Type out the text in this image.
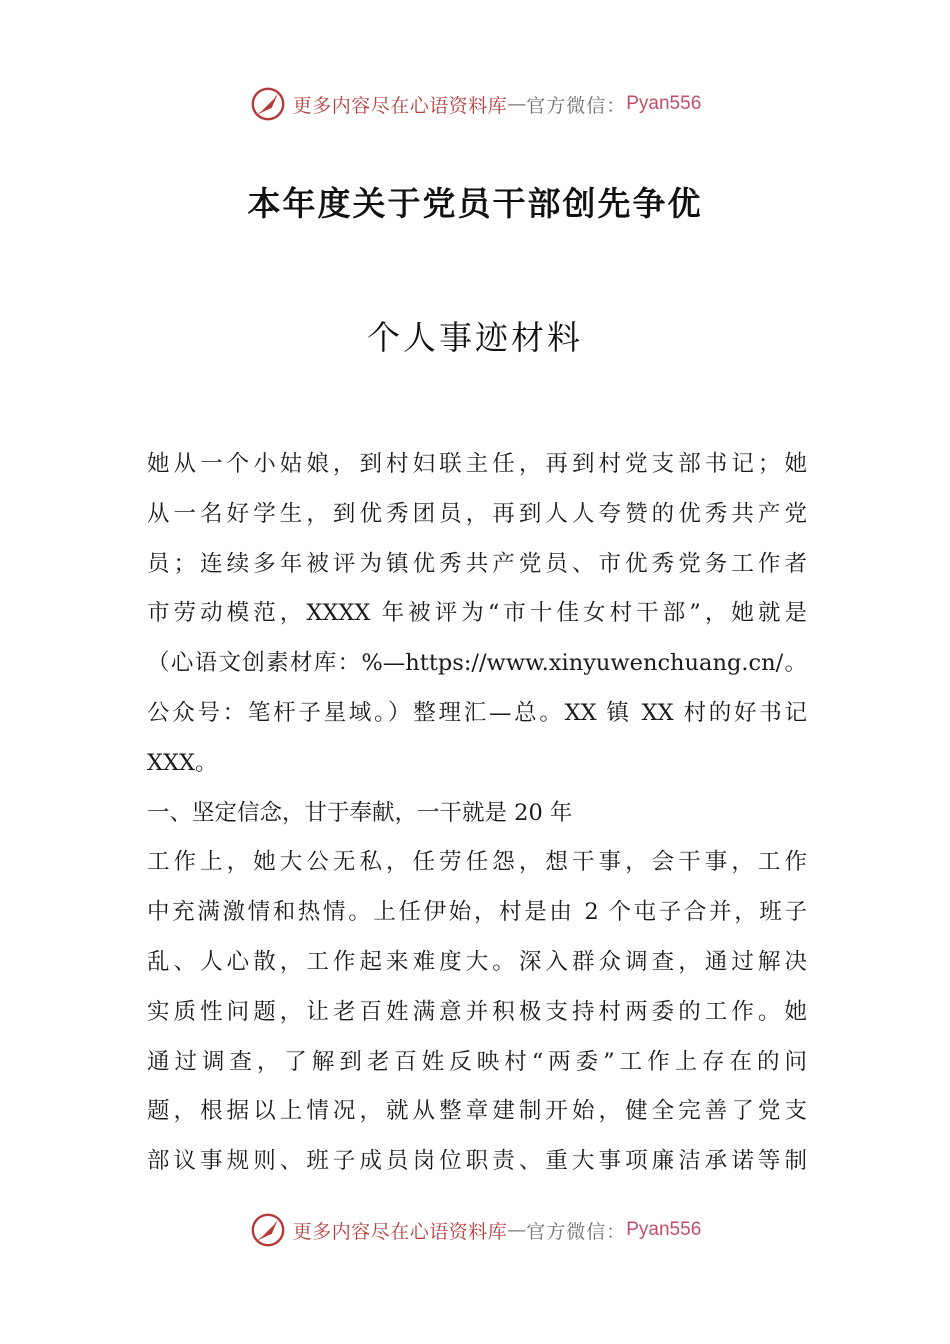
更多内容尽在心语资料库 — 官方微信： Pyan556
本年度关于党员干部创先争优
个人事迹材料
她从一个小姑娘，到村妇联主任，再到村党支部书记；她
从一名好学生，到优秀团员，再到人人夸赞的优秀共产党
员；连续多年被评为镇优秀共产党员、市优秀党务工作者
市劳动模范，XXXX 年被评为“市十佳女村干部”，她就是
（心语文创素材库：%—https://www.xinyuwenchuang.cn/。
公众号：笔杆子星域。）整理汇—总。XX 镇 XX 村的好书记
XXX。
一、坚定信念，甘于奉献，一干就是 20 年
工作上，她大公无私，任劳任怨，想干事，会干事，工作
中充满激情和热情。上任伊始，村是由 2 个屯子合并，班子
乱、人心散，工作起来难度大。深入群众调查，通过解决
实质性问题，让老百姓满意并积极支持村两委的工作。她
通过调查，了解到老百姓反映村“两委”工作上存在的问
题，根据以上情况，就从整章建制开始，健全完善了党支
部议事规则、班子成员岗位职责、重大事项廉洁承诺等制
更多内容尽在心语资料库 — 官方微信： Pyan556
